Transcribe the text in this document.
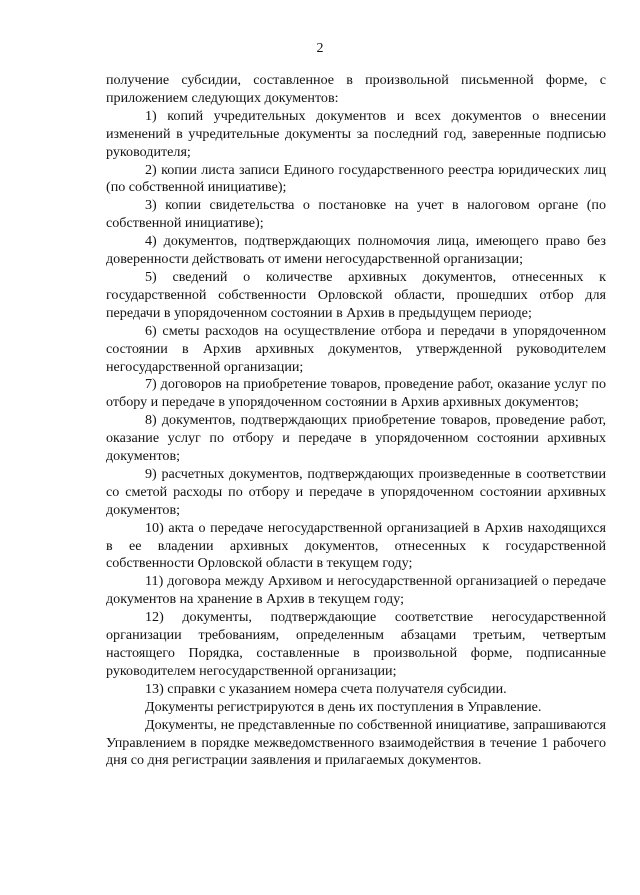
2

получение субсидии, составленное в произвольной письменной форме, с приложением следующих документов:

1) копий учредительных документов и всех документов о внесении изменений в учредительные документы за последний год, заверенные подписью руководителя;

2) копии листа записи Единого государственного реестра юридических лиц (по собственной инициативе);

3) копии свидетельства о постановке на учет в налоговом органе (по собственной инициативе);

4) документов, подтверждающих полномочия лица, имеющего право без доверенности действовать от имени негосударственной организации;

5) сведений о количестве архивных документов, отнесенных к государственной собственности Орловской области, прошедших отбор для передачи в упорядоченном состоянии в Архив в предыдущем периоде;

6) сметы расходов на осуществление отбора и передачи в упорядоченном состоянии в Архив архивных документов, утвержденной руководителем негосударственной организации;

7) договоров на приобретение товаров, проведение работ, оказание услуг по отбору и передаче в упорядоченном состоянии в Архив архивных документов;

8) документов, подтверждающих приобретение товаров, проведение работ, оказание услуг по отбору и передаче в упорядоченном состоянии архивных документов;

9) расчетных документов, подтверждающих произведенные в соответствии со сметой расходы по отбору и передаче в упорядоченном состоянии архивных документов;

10) акта о передаче негосударственной организацией в Архив находящихся в ее владении архивных документов, отнесенных к государственной собственности Орловской области в текущем году;

11) договора между Архивом и негосударственной организацией о передаче документов на хранение в Архив в текущем году;

12) документы, подтверждающие соответствие негосударственной организации требованиям, определенным абзацами третьим, четвертым настоящего Порядка, составленные в произвольной форме, подписанные руководителем негосударственной организации;

13) справки с указанием номера счета получателя субсидии.

Документы регистрируются в день их поступления в Управление.

Документы, не представленные по собственной инициативе, запрашиваются Управлением в порядке межведомственного взаимодействия в течение 1 рабочего дня со дня регистрации заявления и прилагаемых документов.
